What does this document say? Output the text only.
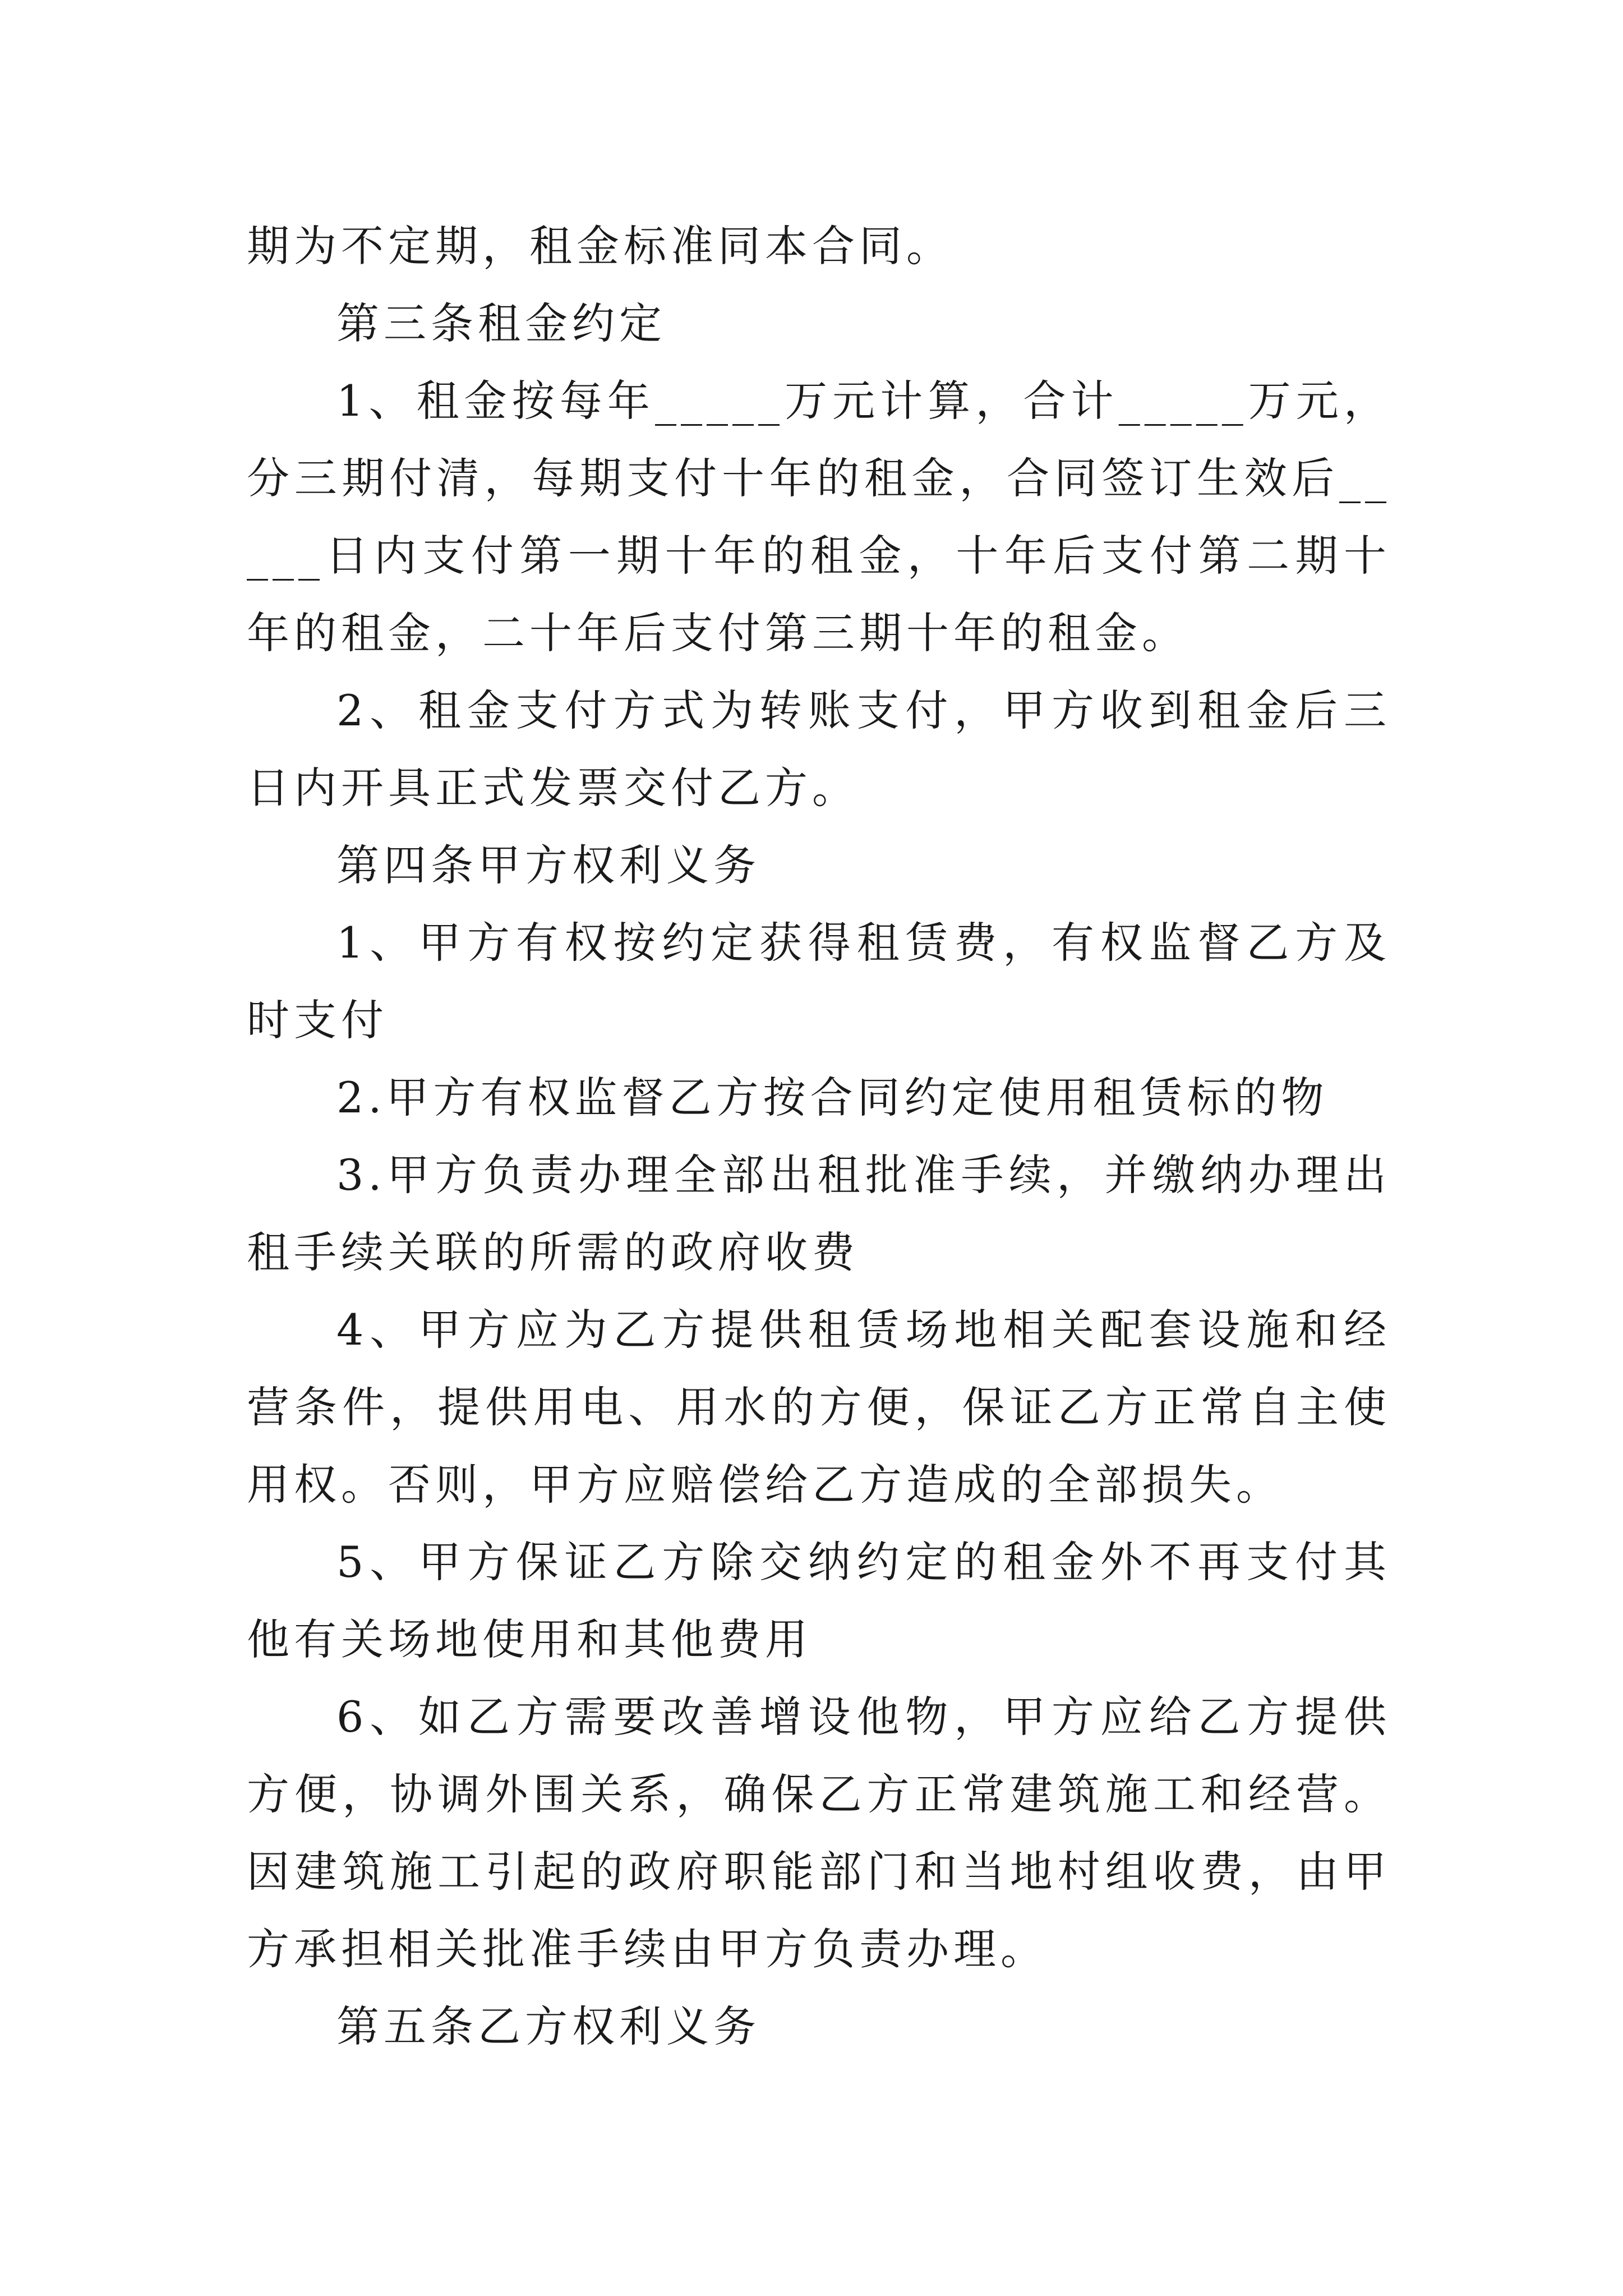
期为不定期，租金标准同本合同。

第三条租金约定

1、租金按每年_____万元计算，合计_____万元，分三期付清，每期支付十年的租金，合同签订生效后_____日内支付第一期十年的租金，十年后支付第二期十年的租金，二十年后支付第三期十年的租金。

2、租金支付方式为转账支付，甲方收到租金后三日内开具正式发票交付乙方。

第四条甲方权利义务

1、甲方有权按约定获得租赁费，有权监督乙方及时支付

2.甲方有权监督乙方按合同约定使用租赁标的物

3.甲方负责办理全部出租批准手续，并缴纳办理出租手续关联的所需的政府收费

4、甲方应为乙方提供租赁场地相关配套设施和经营条件，提供用电、用水的方便，保证乙方正常自主使用权。否则，甲方应赔偿给乙方造成的全部损失。

5、甲方保证乙方除交纳约定的租金外不再支付其他有关场地使用和其他费用

6、如乙方需要改善增设他物，甲方应给乙方提供方便，协调外围关系，确保乙方正常建筑施工和经营。因建筑施工引起的政府职能部门和当地村组收费，由甲方承担相关批准手续由甲方负责办理。

第五条乙方权利义务
